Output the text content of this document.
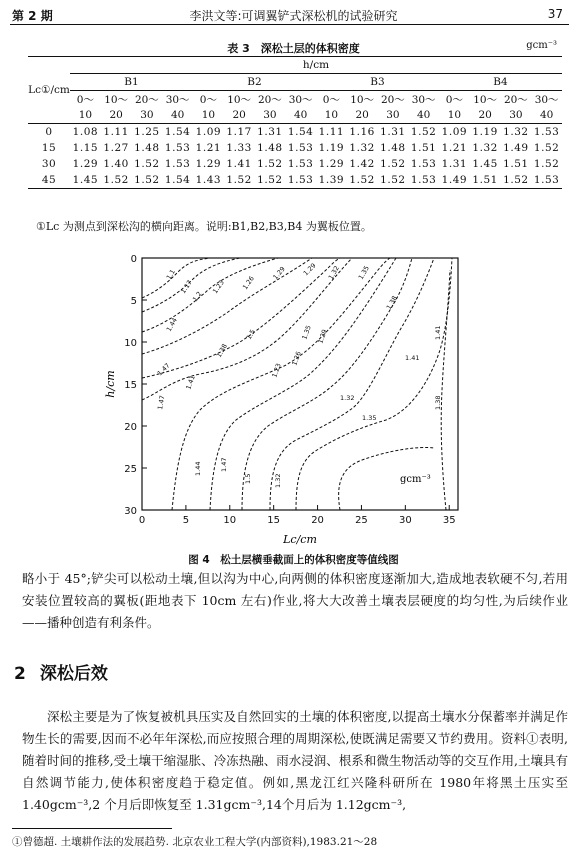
第 2 期	李洪文等:可调翼铲式深松机的试验研究	37
表 3　深松土层的体积密度	gcm⁻³
Lc①/cm	h/cm															
	B1				B2				B3				B4			
	0～	10～	20～	30～	0～	10～	20～	30～	0～	10～	20～	30～	0～	10～	20～	30～
	10	20	30	40	10	20	30	40	10	20	30	40	10	20	30	40
0	1.08	1.11	1.25	1.54	1.09	1.17	1.31	1.54	1.11	1.16	1.31	1.52	1.09	1.19	1.32	1.53
15	1.15	1.27	1.48	1.53	1.21	1.33	1.48	1.53	1.19	1.32	1.48	1.51	1.21	1.32	1.49	1.52
30	1.29	1.40	1.52	1.53	1.29	1.41	1.52	1.53	1.29	1.42	1.52	1.53	1.31	1.45	1.51	1.52
45	1.45	1.52	1.52	1.54	1.43	1.52	1.52	1.53	1.39	1.52	1.52	1.53	1.49	1.51	1.52	1.53
①Lc 为测点到深松沟的横向距离。说明:B1,B2,B3,B4 为翼板位置。
1.1
1.17
1.2
1.23 1.26
1.29 1.29 1.32 1.35
1.38
1.41
1.44
1.47
1.47
1.5
1.23
1.26
1.29
1.32
1.35
1.38
1.41
1.44	1.47
1.5	1.32
1.35
1.38
1.41
0	5	10	15	20	25	30	35
0
5
10
15
20
25
30
Lc/cm
h/cm
gcm⁻³
图 4　松土层横垂截面上的体积密度等值线图
略小于 45°;铲尖可以松动土壤,但以沟为中心,向两侧的体积密度逐渐加大,造成地表软硬不匀,若用安装位置较高的翼板(距地表下 10cm 左右)作业,将大大改善土壤表层硬度的均匀性,为后续作业——播种创造有利条件。
2 深松后效
深松主要是为了恢复被机具压实及自然回实的土壤的体积密度,以提高土壤水分保蓄率并满足作物生长的需要,因而不必年年深松,而应按照合理的周期深松,使既满足需要又节约费用。资料①表明,随着时间的推移,受土壤干缩湿胀、冷冻热融、雨水浸润、根系和微生物活动等的交互作用,土壤具有自然调节能力,使体积密度趋于稳定值。例如,黑龙江红兴隆科研所在 1980年将黑土压实至 1.40gcm⁻³,2 个月后即恢复至 1.31gcm⁻³,14个月后为 1.12gcm⁻³,
①曾德超. 土壤耕作法的发展趋势. 北京农业工程大学(内部资料),1983.21～28
